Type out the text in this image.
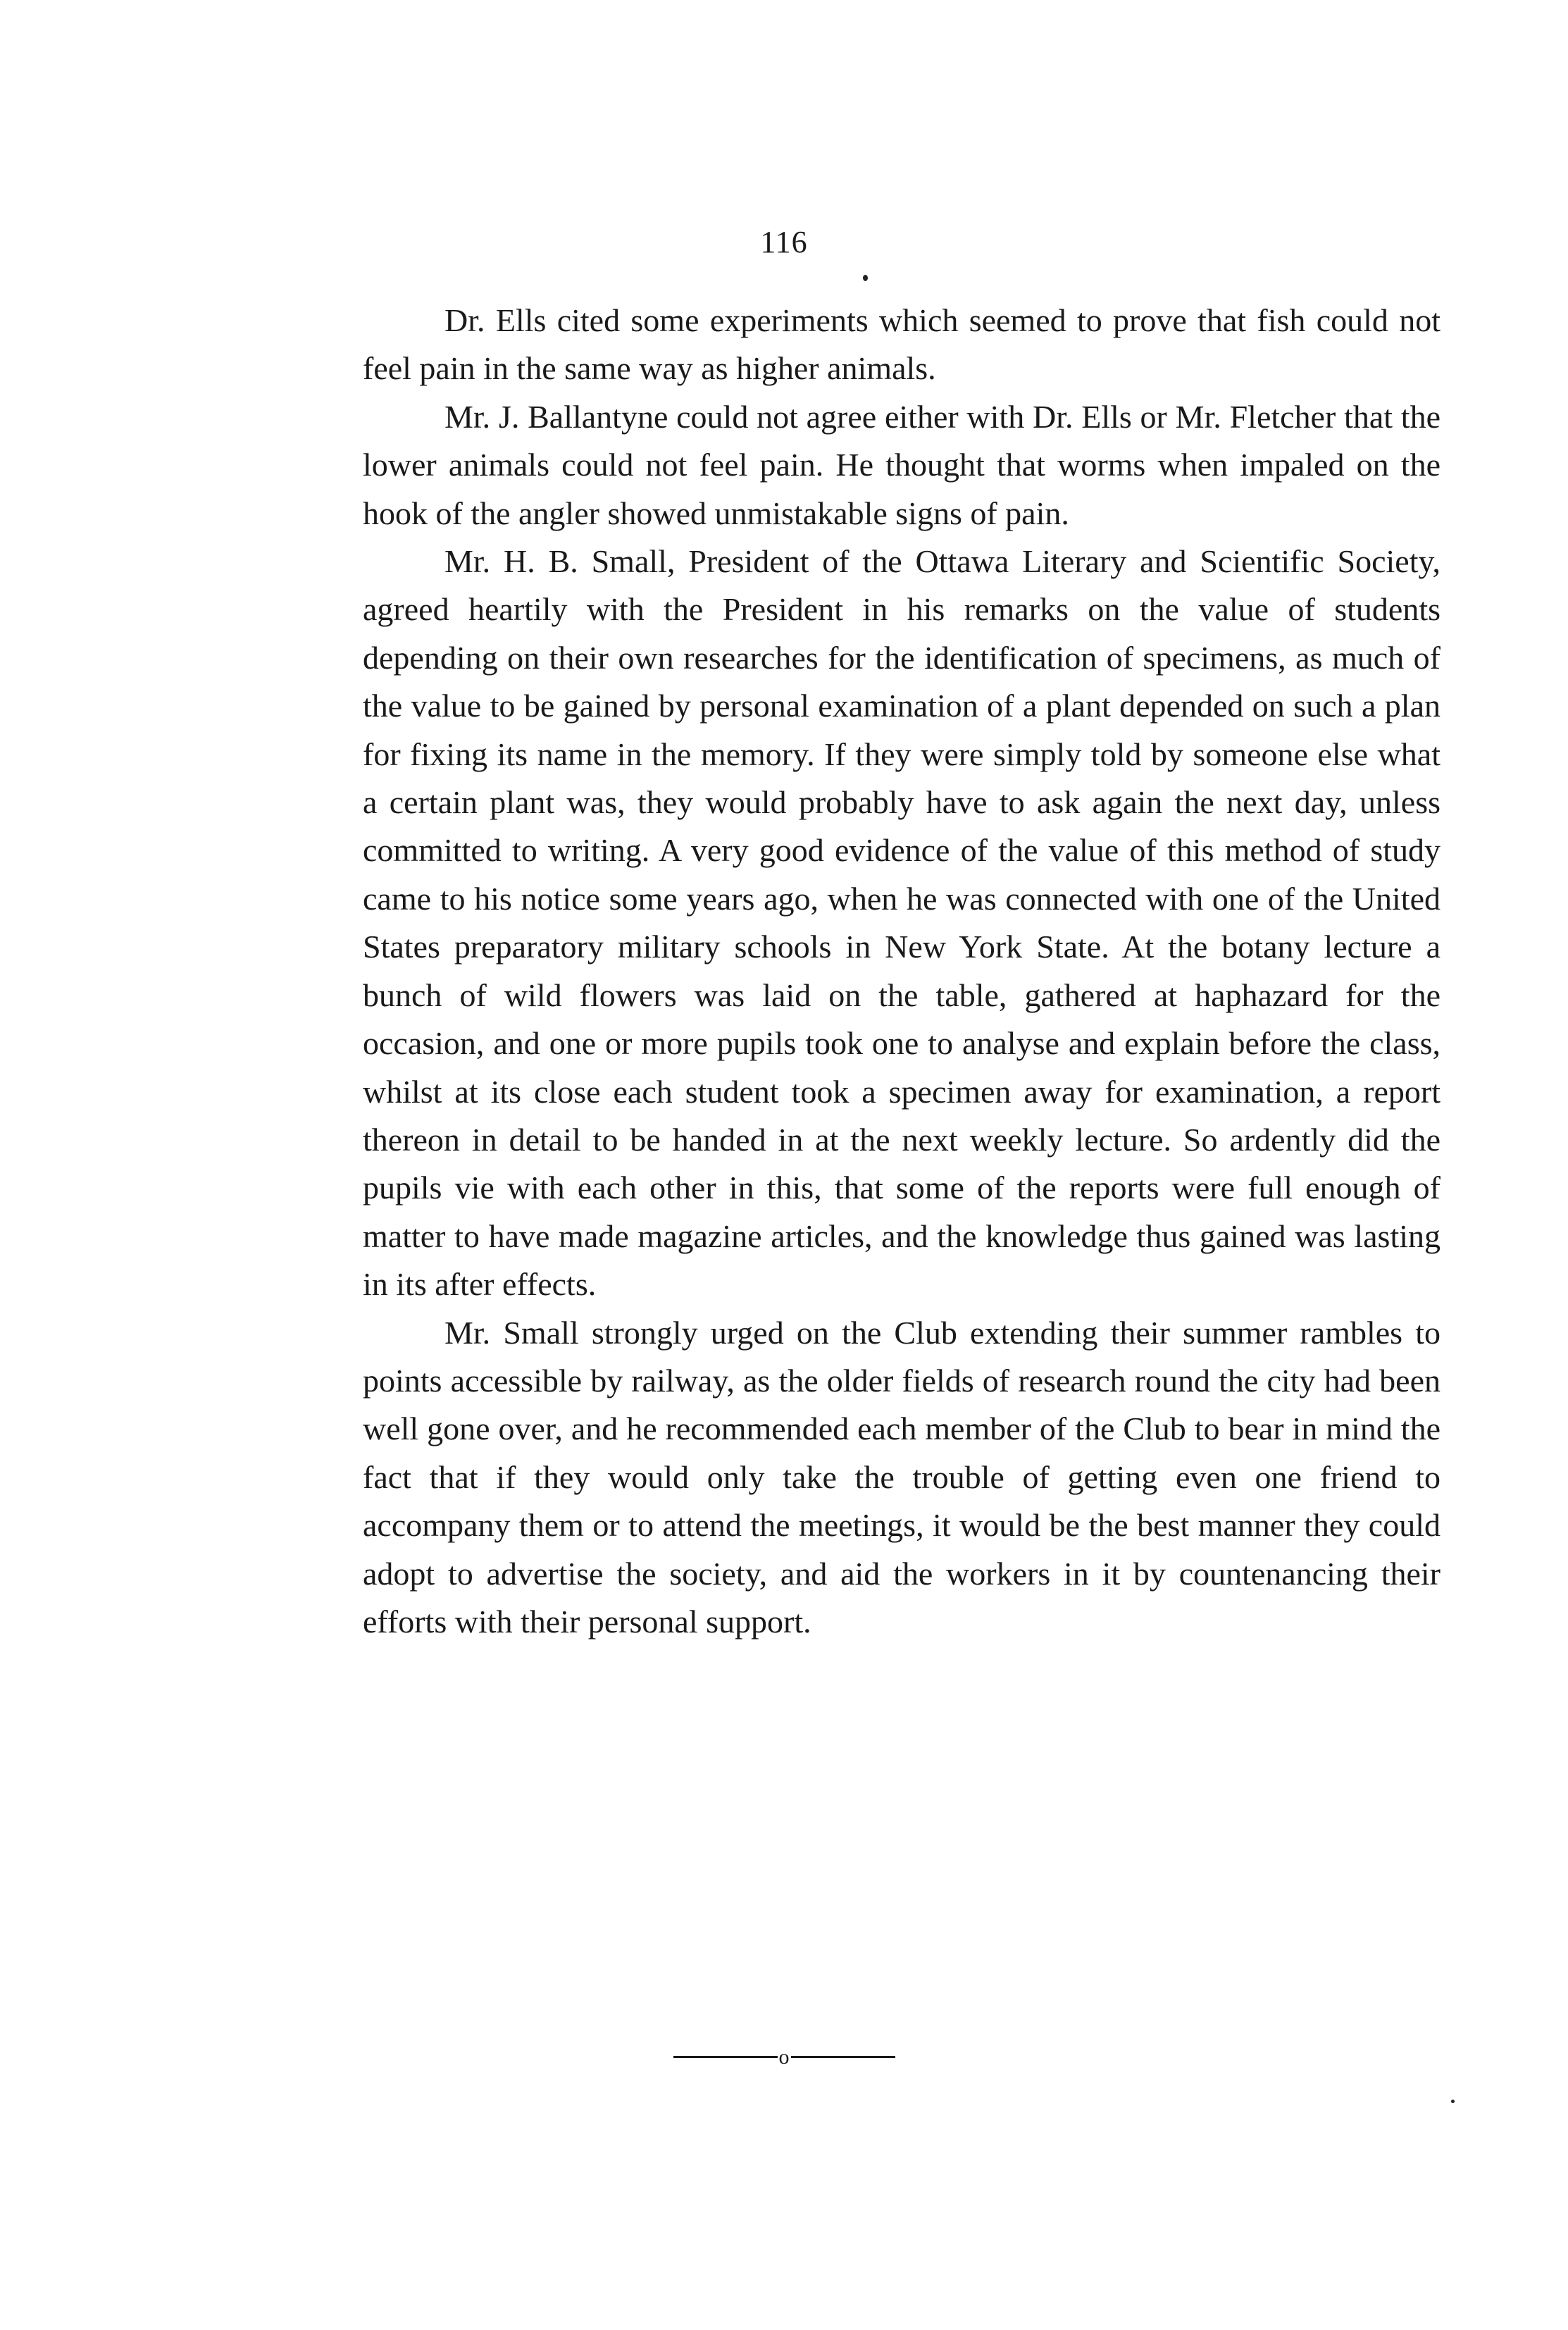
116

Dr. Ells cited some experiments which seemed to prove that fish could not feel pain in the same way as higher animals.

Mr. J. Ballantyne could not agree either with Dr. Ells or Mr. Fletcher that the lower animals could not feel pain. He thought that worms when impaled on the hook of the angler showed unmistakable signs of pain.

Mr. H. B. Small, President of the Ottawa Literary and Scientific Society, agreed heartily with the President in his remarks on the value of students depending on their own researches for the identification of specimens, as much of the value to be gained by personal examination of a plant depended on such a plan for fixing its name in the memory. If they were simply told by someone else what a certain plant was, they would probably have to ask again the next day, unless committed to writing. A very good evidence of the value of this method of study came to his notice some years ago, when he was connected with one of the United States preparatory military schools in New York State. At the botany lecture a bunch of wild flowers was laid on the table, gathered at haphazard for the occasion, and one or more pupils took one to analyse and explain before the class, whilst at its close each student took a specimen away for examination, a report thereon in detail to be handed in at the next weekly lecture. So ardently did the pupils vie with each other in this, that some of the reports were full enough of matter to have made magazine articles, and the knowledge thus gained was lasting in its after effects.

Mr. Small strongly urged on the Club extending their summer rambles to points accessible by railway, as the older fields of research round the city had been well gone over, and he recommended each member of the Club to bear in mind the fact that if they would only take the trouble of getting even one friend to accompany them or to attend the meetings, it would be the best manner they could adopt to advertise the society, and aid the workers in it by countenancing their efforts with their personal support.

o
